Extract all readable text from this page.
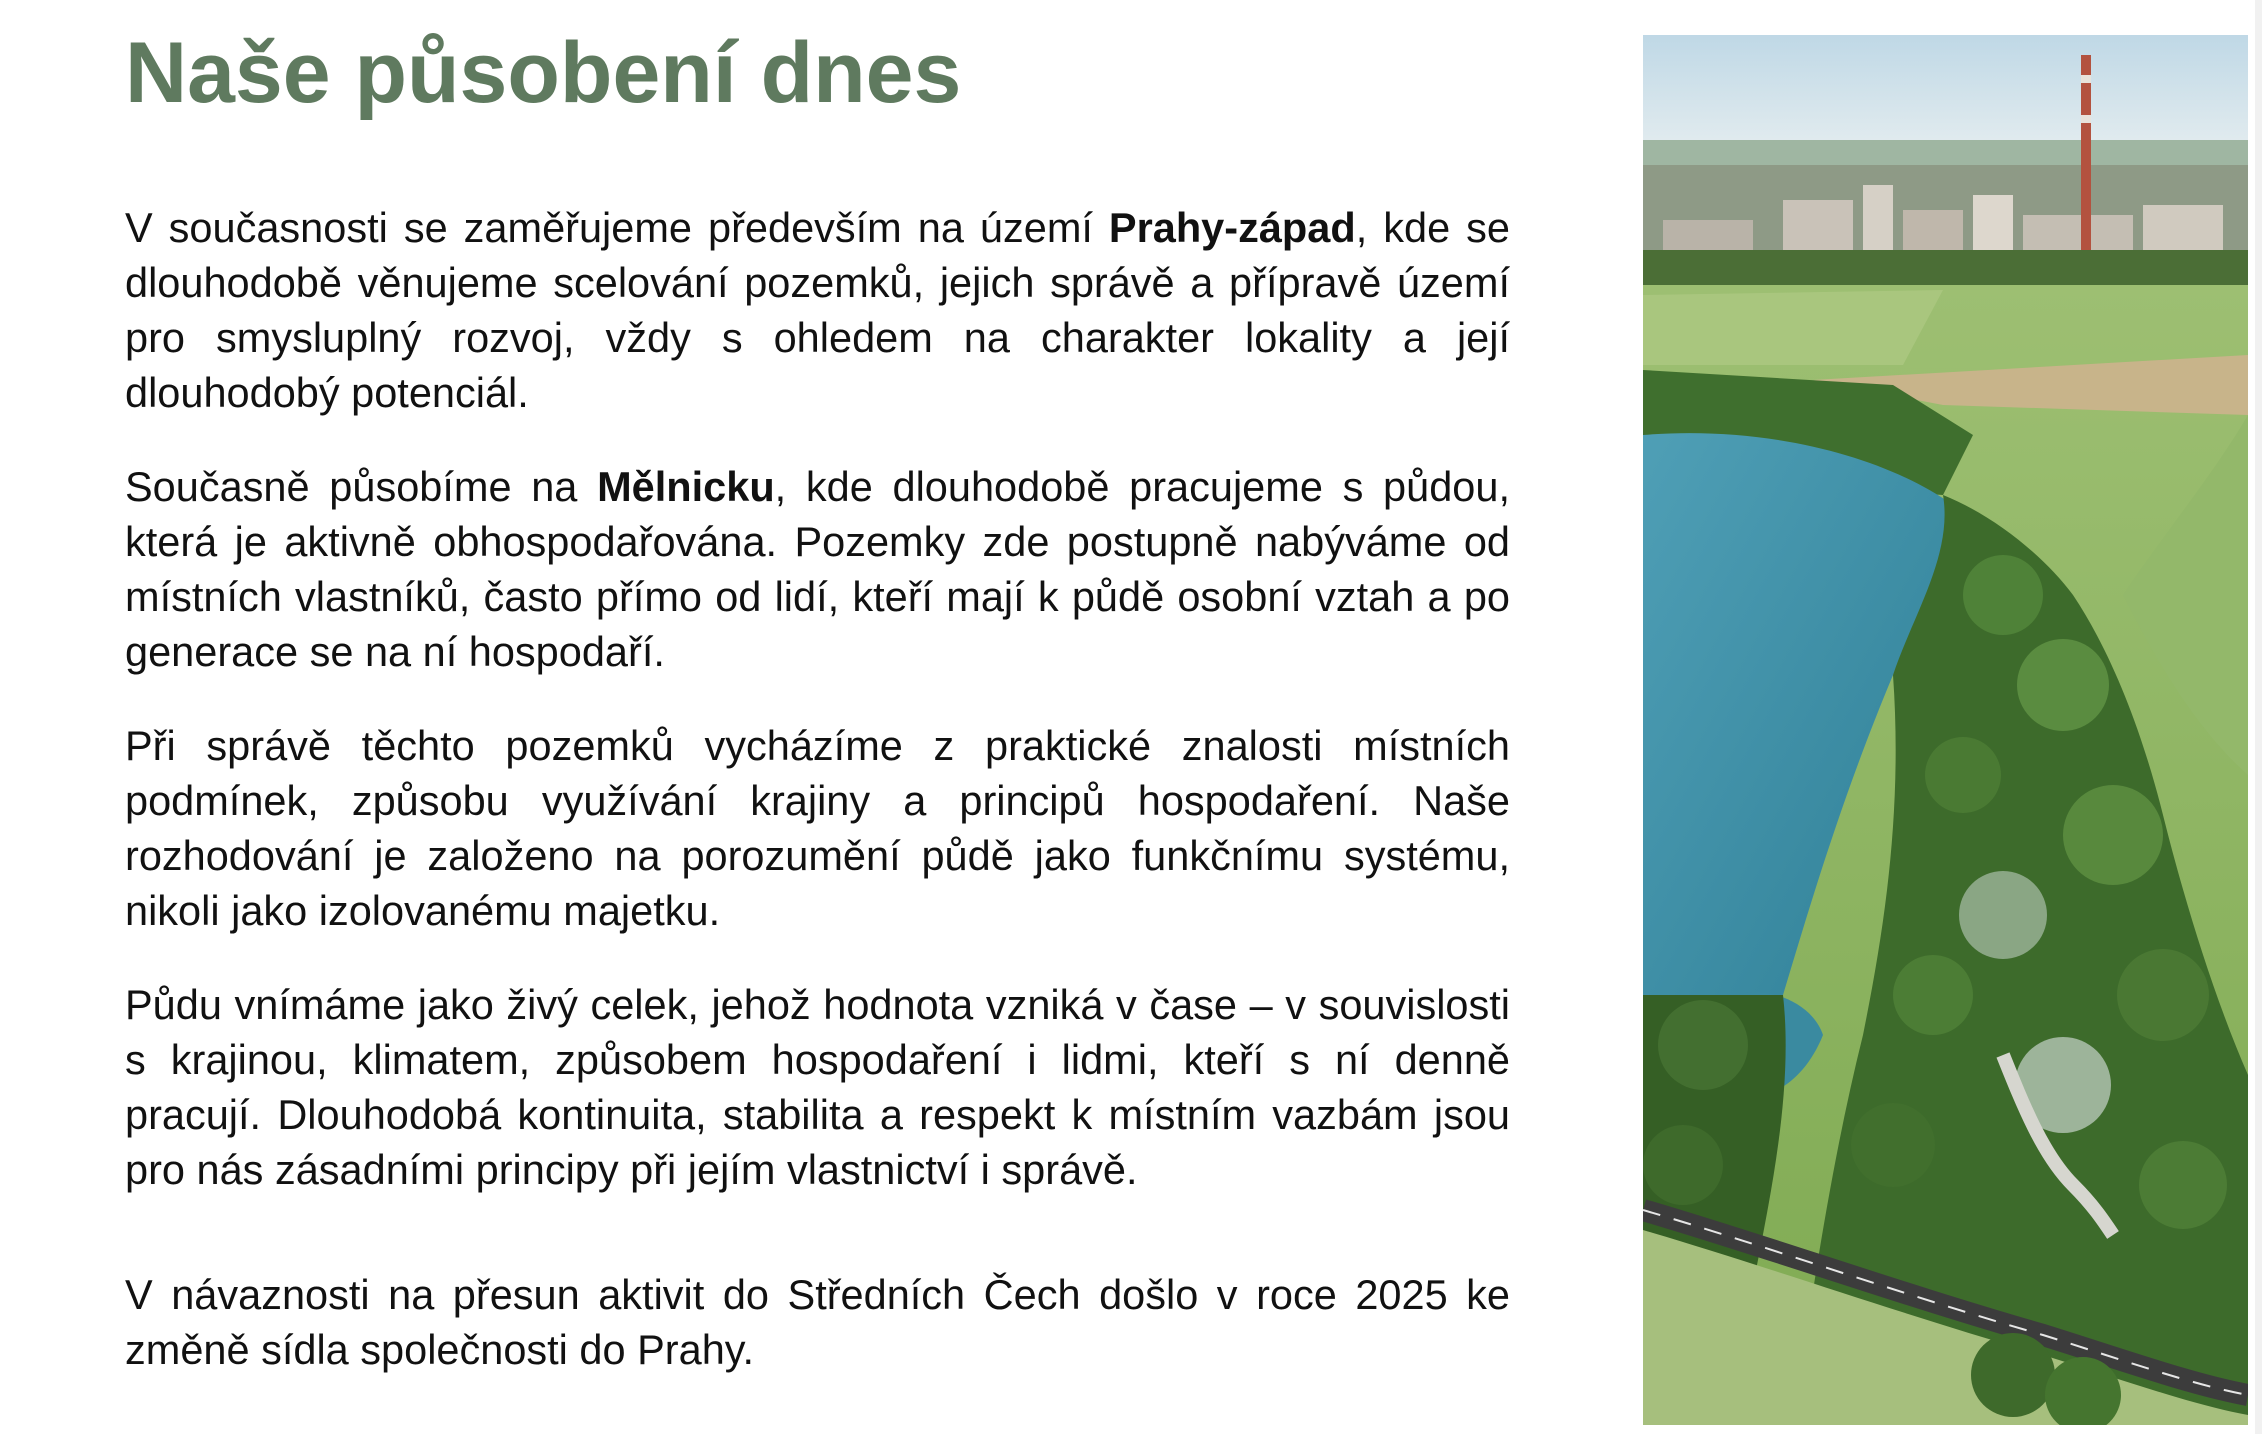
Naše působení dnes

V současnosti se zaměřujeme především na území Prahy-západ, kde se dlouhodobě věnujeme scelování pozemků, jejich správě a přípravě území pro smysluplný rozvoj, vždy s ohledem na charakter lokality a její dlouhodobý potenciál.

Současně působíme na Mělnicku, kde dlouhodobě pracujeme s půdou, která je aktivně obhospodařována. Pozemky zde postupně nabýváme od místních vlastníků, často přímo od lidí, kteří mají k půdě osobní vztah a po generace se na ní hospodaří.

Při správě těchto pozemků vycházíme z praktické znalosti místních podmínek, způsobu využívání krajiny a principů hospodaření. Naše rozhodování je založeno na porozumění půdě jako funkčnímu systému, nikoli jako izolovanému majetku.

Půdu vnímáme jako živý celek, jehož hodnota vzniká v čase – v souvislosti s krajinou, klimatem, způsobem hospodaření i lidmi, kteří s ní denně pracují. Dlouhodobá kontinuita, stabilita a respekt k místním vazbám jsou pro nás zásadními principy při jejím vlastnictví i správě.

V návaznosti na přesun aktivit do Středních Čech došlo v roce 2025 ke změně sídla společnosti do Prahy.
